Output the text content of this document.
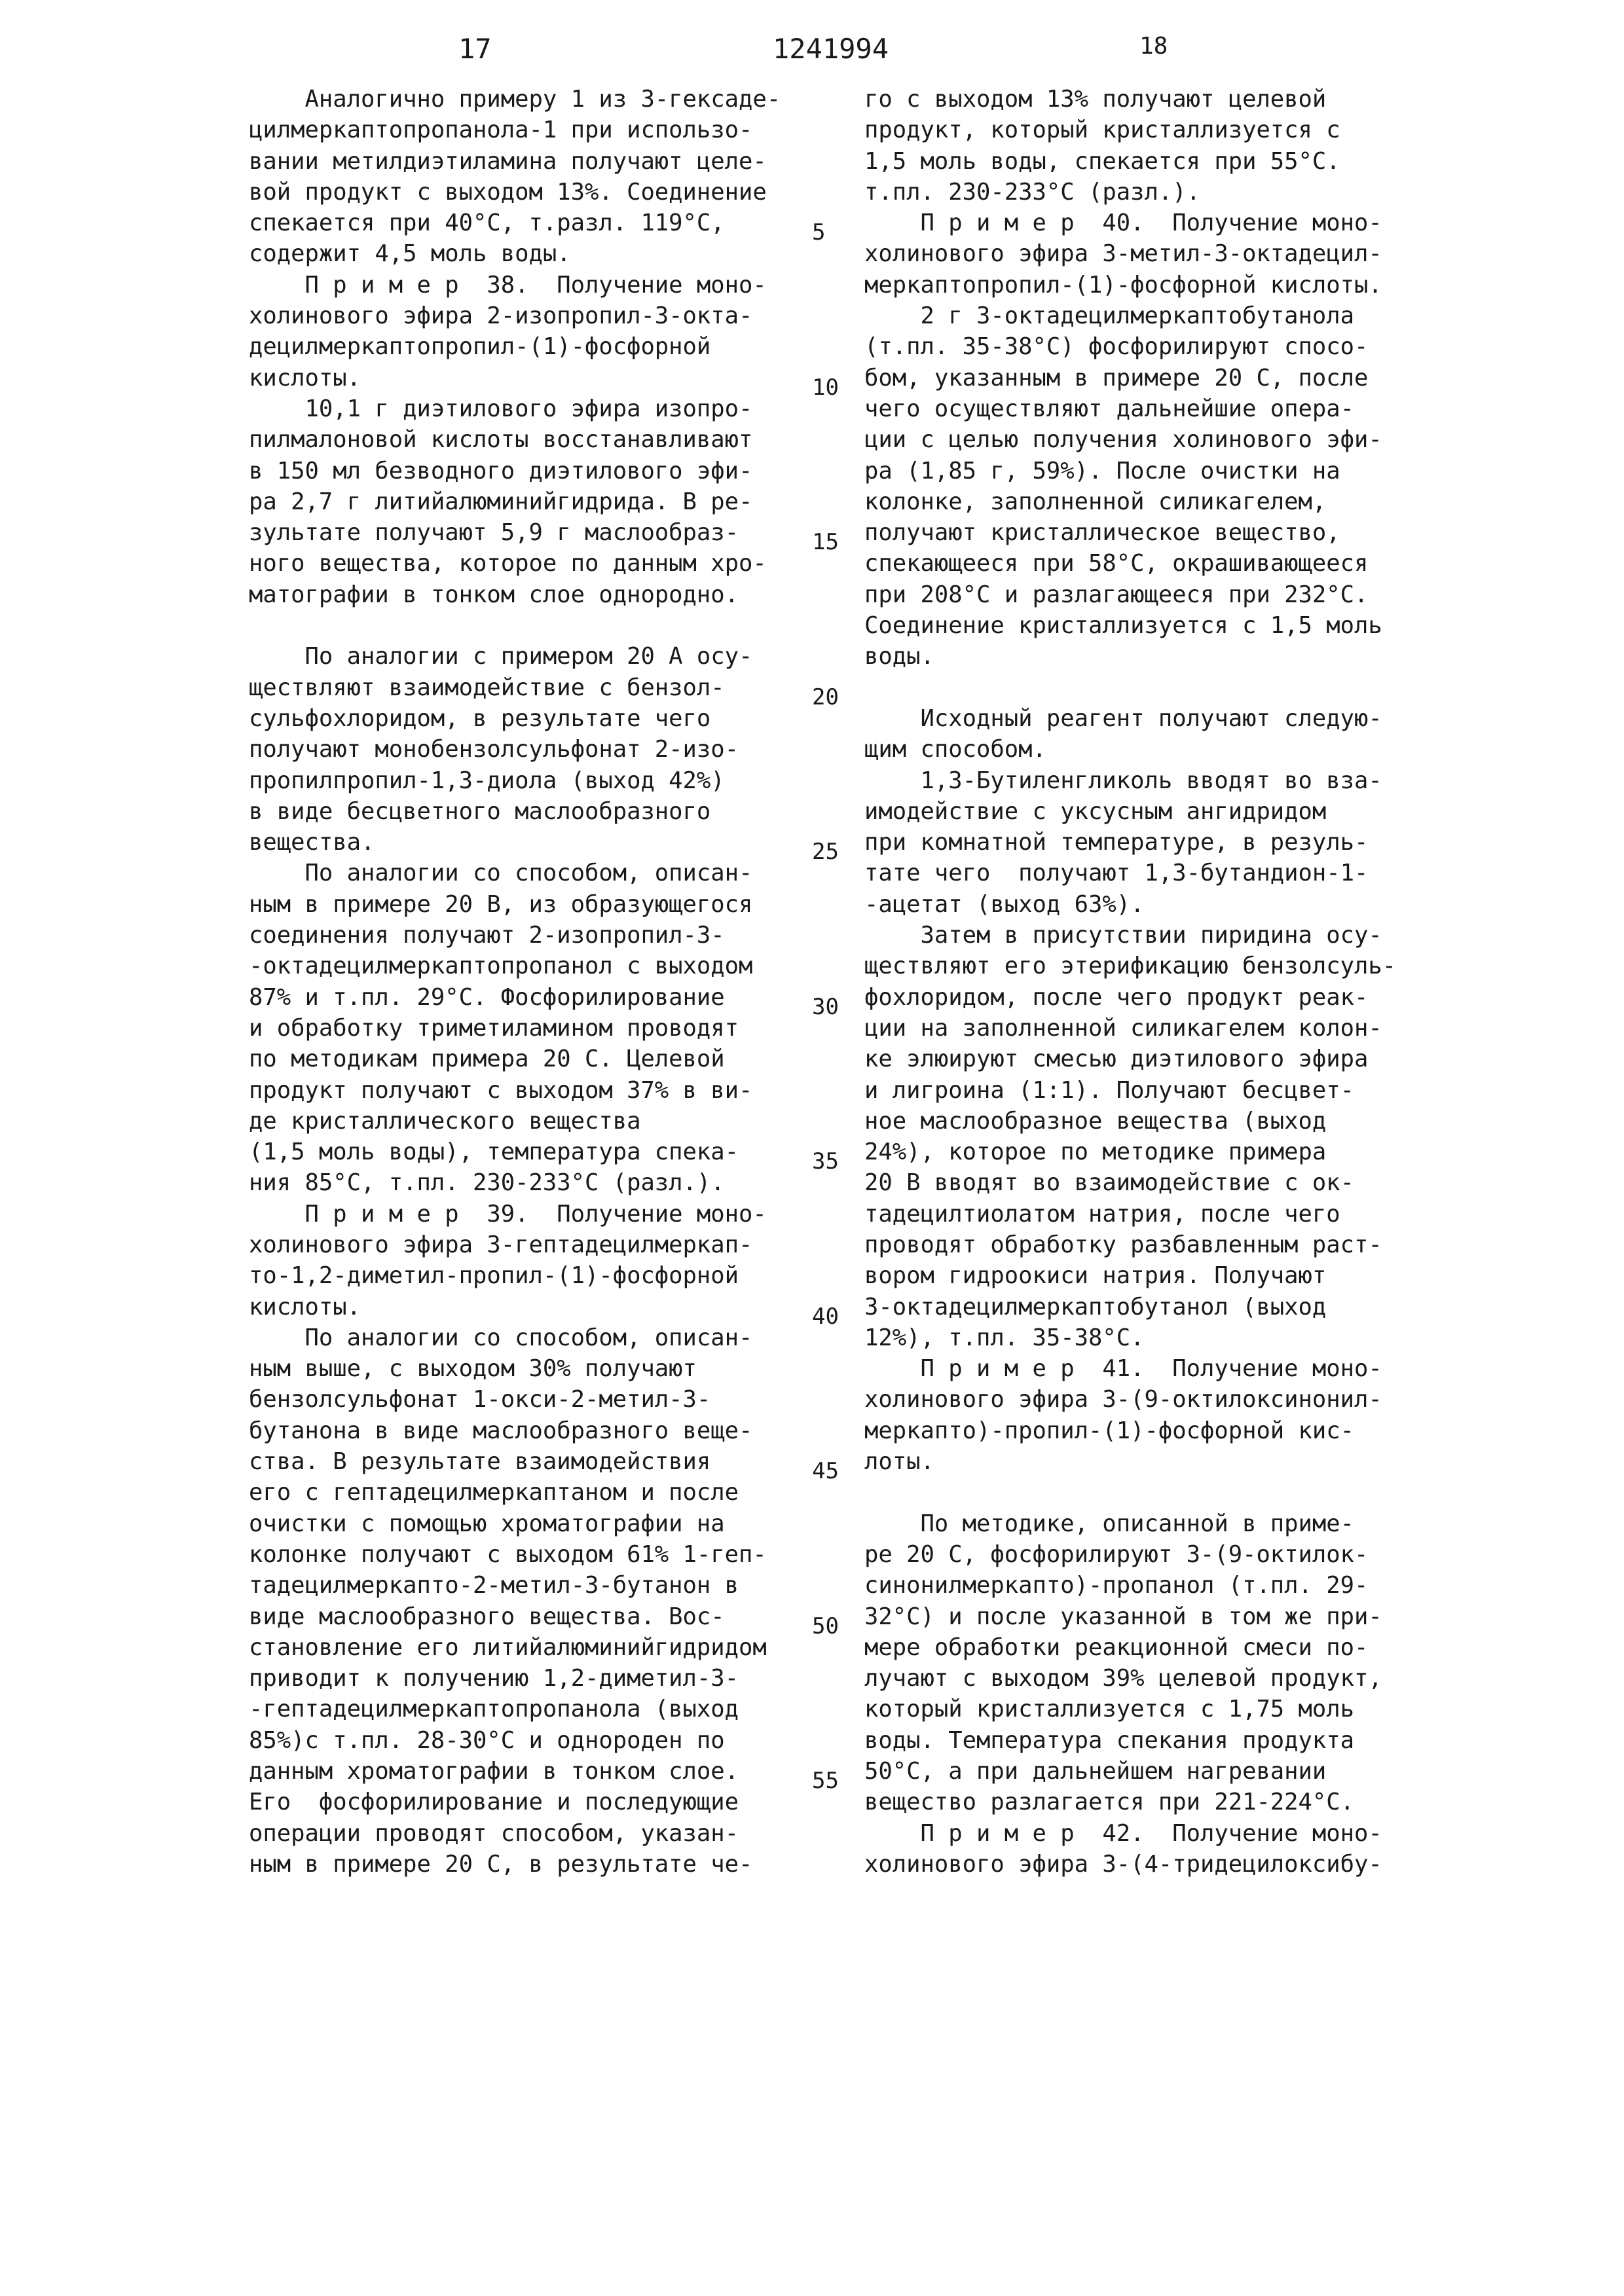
17	1241994	18

Аналогично примеру 1 из 3-гексаде-

цилмеркаптопропанола-1 при использо-

вании метилдиэтиламина получают целе-

вой продукт с выходом 13%. Соединение

спекается при 40°С, т.разл. 119°С,

содержит 4,5 моль воды.

П р и м е р  38.  Получение моно-

холинового эфира 2-изопропил-3-окта-

децилмеркаптопропил-(1)-фосфорной

кислоты.

10,1 г диэтилового эфира изопро-

пилмалоновой кислоты восстанавливают

в 150 мл безводного диэтилового эфи-

ра 2,7 г литийалюминийгидрида. В ре-

зультате получают 5,9 г маслообраз-

ного вещества, которое по данным хро-

матографии в тонком слое однородно.

По аналогии с примером 20 А осу-

ществляют взаимодействие с бензол-

сульфохлоридом, в результате чего

получают монобензолсульфонат 2-изо-

пропилпропил-1,3-диола (выход 42%)

в виде бесцветного маслообразного

вещества.

По аналогии со способом, описан-

ным в примере 20 В, из образующегося

соединения получают 2-изопропил-3-

-октадецилмеркаптопропанол с выходом

87% и т.пл. 29°С. Фосфорилирование

и обработку триметиламином проводят

по методикам примера 20 С. Целевой

продукт получают с выходом 37% в ви-

де кристаллического вещества

(1,5 моль воды), температура спека-

ния 85°С, т.пл. 230-233°С (разл.).

П р и м е р  39.  Получение моно-

холинового эфира 3-гептадецилмеркап-

то-1,2-диметил-пропил-(1)-фосфорной

кислоты.

По аналогии со способом, описан-

ным выше, с выходом 30% получают

бензолсульфонат 1-окси-2-метил-3-

бутанона в виде маслообразного веще-

ства. В результате взаимодействия

его с гептадецилмеркаптаном и после

очистки с помощью хроматографии на

колонке получают с выходом 61% 1-геп-

тадецилмеркапто-2-метил-3-бутанон в

виде маслообразного вещества. Вос-

становление его литийалюминийгидридом

приводит к получению 1,2-диметил-3-

-гептадецилмеркаптопропанола (выход

85%)с т.пл. 28-30°С и однороден по

данным хроматографии в тонком слое.

Его  фосфорилирование и последующие

операции проводят способом, указан-

ным в примере 20 С, в результате че-

го с выходом 13% получают целевой

продукт, который кристаллизуется с

1,5 моль воды, спекается при 55°С.

т.пл. 230-233°С (разл.).

П р и м е р  40.  Получение моно-

холинового эфира 3-метил-3-октадецил-

меркаптопропил-(1)-фосфорной кислоты.

2 г 3-октадецилмеркаптобутанола

(т.пл. 35-38°С) фосфорилируют спосо-

бом, указанным в примере 20 С, после

чего осуществляют дальнейшие опера-

ции с целью получения холинового эфи-

ра (1,85 г, 59%). После очистки на

колонке, заполненной силикагелем,

получают кристаллическое вещество,

спекающееся при 58°С, окрашивающееся

при 208°С и разлагающееся при 232°С.

Соединение кристаллизуется с 1,5 моль

воды.

Исходный реагент получают следую-

щим способом.

1,3-Бутиленгликоль вводят во вза-

имодействие с уксусным ангидридом

при комнатной температуре, в резуль-

тате чего  получают 1,3-бутандион-1-

-ацетат (выход 63%).

Затем в присутствии пиридина осу-

ществляют его этерификацию бензолсуль-

фохлоридом, после чего продукт реак-

ции на заполненной силикагелем колон-

ке элюируют смесью диэтилового эфира

и лигроина (1:1). Получают бесцвет-

ное маслообразное вещества (выход

24%), которое по методике примера

20 В вводят во взаимодействие с ок-

тадецилтиолатом натрия, после чего

проводят обработку разбавленным раст-

вором гидроокиси натрия. Получают

3-октадецилмеркаптобутанол (выход

12%), т.пл. 35-38°С.

П р и м е р  41.  Получение моно-

холинового эфира 3-(9-октилоксинонил-

меркапто)-пропил-(1)-фосфорной кис-

лоты.

По методике, описанной в приме-

ре 20 С, фосфорилируют 3-(9-октилок-

синонилмеркапто)-пропанол (т.пл. 29-

32°С) и после указанной в том же при-

мере обработки реакционной смеси по-

лучают с выходом 39% целевой продукт,

который кристаллизуется с 1,75 моль

воды. Температура спекания продукта

50°С, а при дальнейшем нагревании

вещество разлагается при 221-224°С.

П р и м е р  42.  Получение моно-

холинового эфира 3-(4-тридецилоксибу-

5
10
15
20
25
30
35
40
45
50
55
